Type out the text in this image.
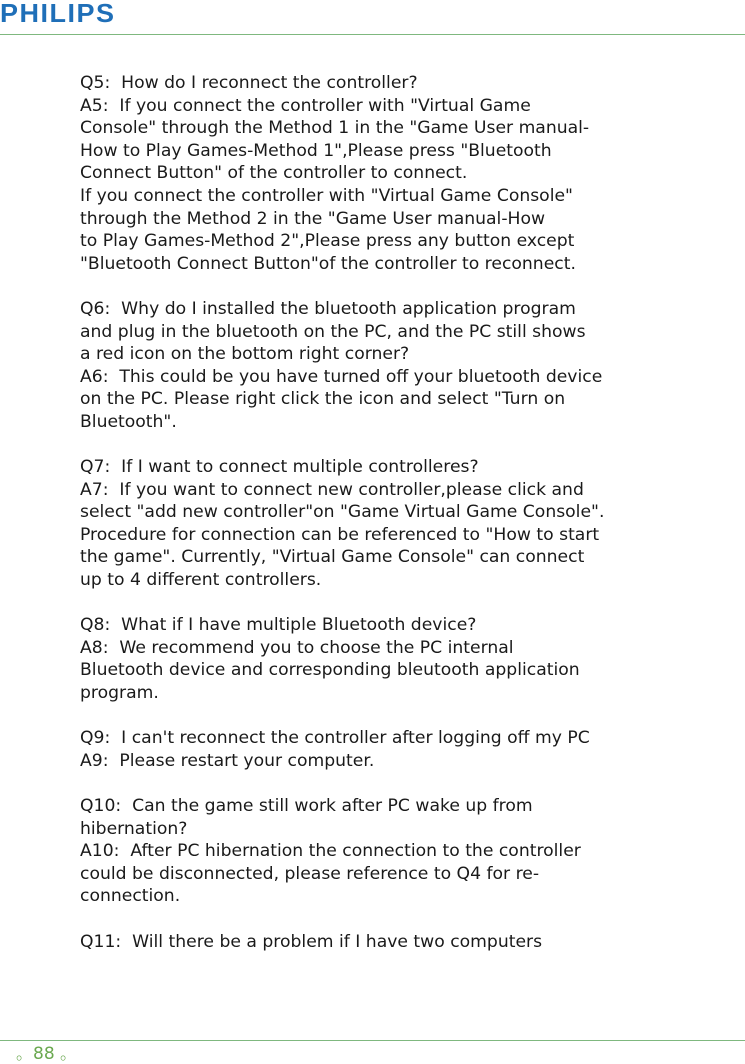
PHILIPS
Q5:  How do I reconnect the controller?
A5:  If you connect the controller with "Virtual Game
Console" through the Method 1 in the "Game User manual-
How to Play Games-Method 1",Please press "Bluetooth
Connect Button" of the controller to connect.
If you connect the controller with "Virtual Game Console"
through the Method 2 in the "Game User manual-How
to Play Games-Method 2",Please press any button except
"Bluetooth Connect Button"of the controller to reconnect.
Q6:  Why do I installed the bluetooth application program
and plug in the bluetooth on the PC, and the PC still shows
a red icon on the bottom right corner?
A6:  This could be you have turned off your bluetooth device
on the PC. Please right click the icon and select "Turn on
Bluetooth".
Q7:  If I want to connect multiple controlleres?
A7:  If you want to connect new controller,please click and
select "add new controller"on "Game Virtual Game Console".
Procedure for connection can be referenced to "How to start
the game". Currently, "Virtual Game Console" can connect
up to 4 different controllers.
Q8:  What if I have multiple Bluetooth device?
A8:  We recommend you to choose the PC internal
Bluetooth device and corresponding bleutooth application
program.
Q9:  I can't reconnect the controller after logging off my PC
A9:  Please restart your computer.
Q10:  Can the game still work after PC wake up from
hibernation?
A10:  After PC hibernation the connection to the controller
could be disconnected, please reference to Q4 for re-
connection.
Q11:  Will there be a problem if I have two computers
。88 。
